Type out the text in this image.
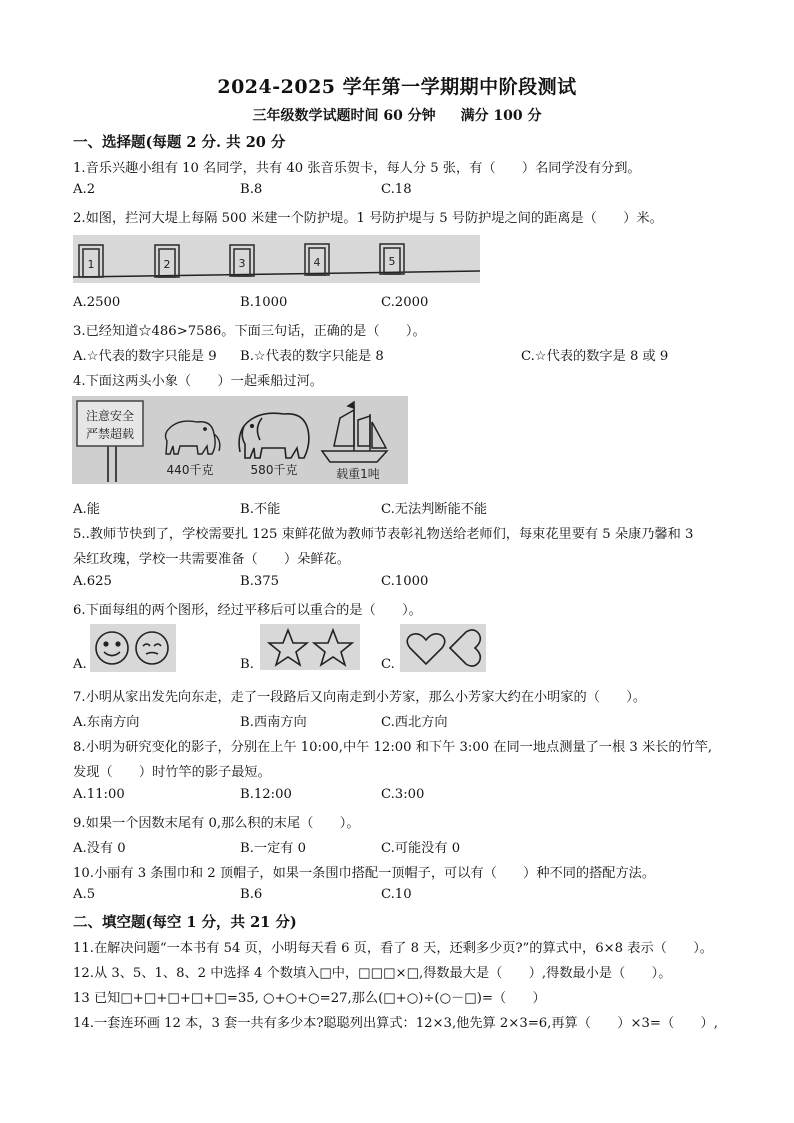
2024-2025 学年第一学期期中阶段测试
三年级数学试题时间 60 分钟 满分 100 分
一、选择题(每题 2 分. 共 20 分
1.音乐兴趣小组有 10 名同学，共有 40 张音乐贺卡，每人分 5 张，有（　　）名同学没有分到。
A.2	B.8	C.18
2.如图，拦河大堤上每隔 500 米建一个防护堤。1 号防护堤与 5 号防护堤之间的距离是（　　）米。
1	2	3	4	5
A.2500	B.1000	C.2000
3.已经知道☆486>7586。下面三句话，正确的是（　　）。
A.☆代表的数字只能是 9 B.☆代表的数字只能是 8	C.☆代表的数字是 8 或 9
4.下面这两头小象（　　）一起乘船过河。
注意安全
严禁超载
440千克	580千克	载重1吨
A.能	B.不能	C.无法判断能不能
5..教师节快到了，学校需要扎 125 束鲜花做为教师节表彰礼物送给老师们，每束花里要有 5 朵康乃馨和 3
朵红玫瑰，学校一共需要准备（　　）朵鲜花。
A.625	B.375	C.1000
6.下面每组的两个图形，经过平移后可以重合的是（　　）。
A.	B.	C.
7.小明从家出发先向东走，走了一段路后又向南走到小芳家，那么小芳家大约在小明家的（　　）。
A.东南方向	B.西南方向	C.西北方向
8.小明为研究变化的影子，分别在上午 10:00,中午 12:00 和下午 3:00 在同一地点测量了一根 3 米长的竹竿,
发现（　　）时竹竿的影子最短。
A.11:00	B.12:00	C.3:00
9.如果一个因数末尾有 0,那么积的末尾（　　）。
A.没有 0	B.一定有 0	C.可能没有 0
10.小丽有 3 条围巾和 2 顶帽子，如果一条围巾搭配一顶帽子，可以有（　　）种不同的搭配方法。
A.5	B.6	C.10
二、填空题(每空 1 分，共 21 分)
11.在解决问题“一本书有 54 页，小明每天看 6 页，看了 8 天，还剩多少页?”的算式中，6×8 表示（　　）。
12.从 3、5、1、8、2 中选择 4 个数填入□中，□□□×□,得数最大是（　　）,得数最小是（　　）。
13 已知□+□+□+□+□=35, ○+○+○=27,那么(□+○)÷(○－□)=（　　）
14.一套连环画 12 本，3 套一共有多少本?聪聪列出算式：12×3,他先算 2×3=6,再算（　　）×3=（　　）,
